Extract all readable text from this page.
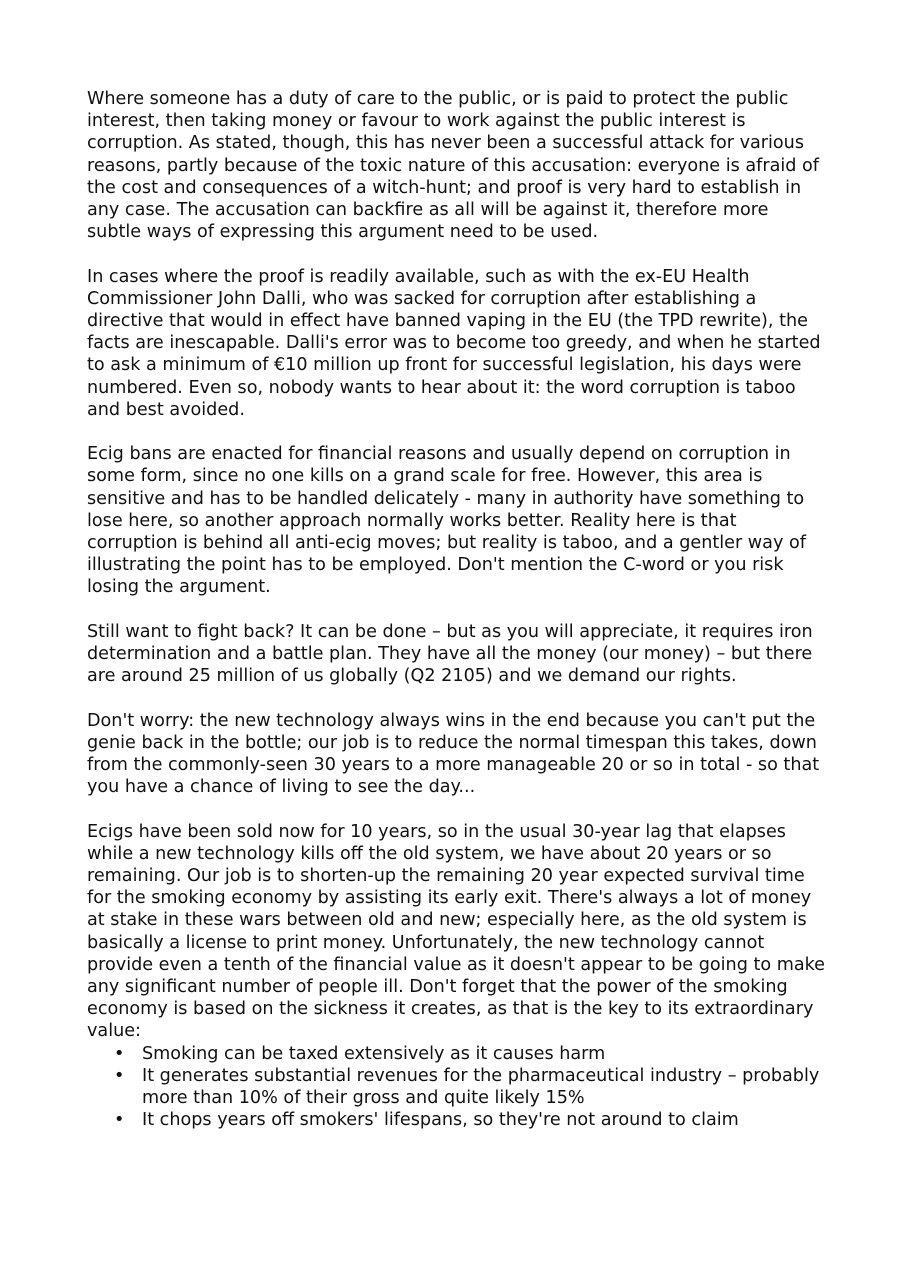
Where someone has a duty of care to the public, or is paid to protect the public interest, then taking money or favour to work against the public interest is corruption. As stated, though, this has never been a successful attack for various reasons, partly because of the toxic nature of this accusation: everyone is afraid of the cost and consequences of a witch-hunt; and proof is very hard to establish in any case. The accusation can backfire as all will be against it, therefore more subtle ways of expressing this argument need to be used.

In cases where the proof is readily available, such as with the ex-EU Health Commissioner John Dalli, who was sacked for corruption after establishing a directive that would in effect have banned vaping in the EU (the TPD rewrite), the facts are inescapable. Dalli's error was to become too greedy, and when he started to ask a minimum of €10 million up front for successful legislation, his days were numbered. Even so, nobody wants to hear about it: the word corruption is taboo and best avoided.

Ecig bans are enacted for financial reasons and usually depend on corruption in some form, since no one kills on a grand scale for free. However, this area is sensitive and has to be handled delicately - many in authority have something to lose here, so another approach normally works better. Reality here is that corruption is behind all anti-ecig moves; but reality is taboo, and a gentler way of illustrating the point has to be employed. Don't mention the C-word or you risk losing the argument.

Still want to fight back? It can be done – but as you will appreciate, it requires iron determination and a battle plan. They have all the money (our money) – but there are around 25 million of us globally (Q2 2105) and we demand our rights.

Don't worry: the new technology always wins in the end because you can't put the genie back in the bottle; our job is to reduce the normal timespan this takes, down from the commonly-seen 30 years to a more manageable 20 or so in total - so that you have a chance of living to see the day...

Ecigs have been sold now for 10 years, so in the usual 30-year lag that elapses while a new technology kills off the old system, we have about 20 years or so remaining. Our job is to shorten-up the remaining 20 year expected survival time for the smoking economy by assisting its early exit. There's always a lot of money at stake in these wars between old and new; especially here, as the old system is basically a license to print money. Unfortunately, the new technology cannot provide even a tenth of the financial value as it doesn't appear to be going to make any significant number of people ill. Don't forget that the power of the smoking economy is based on the sickness it creates, as that is the key to its extraordinary value:

• Smoking can be taxed extensively as it causes harm
• It generates substantial revenues for the pharmaceutical industry – probably more than 10% of their gross and quite likely 15%
• It chops years off smokers' lifespans, so they're not around to claim
